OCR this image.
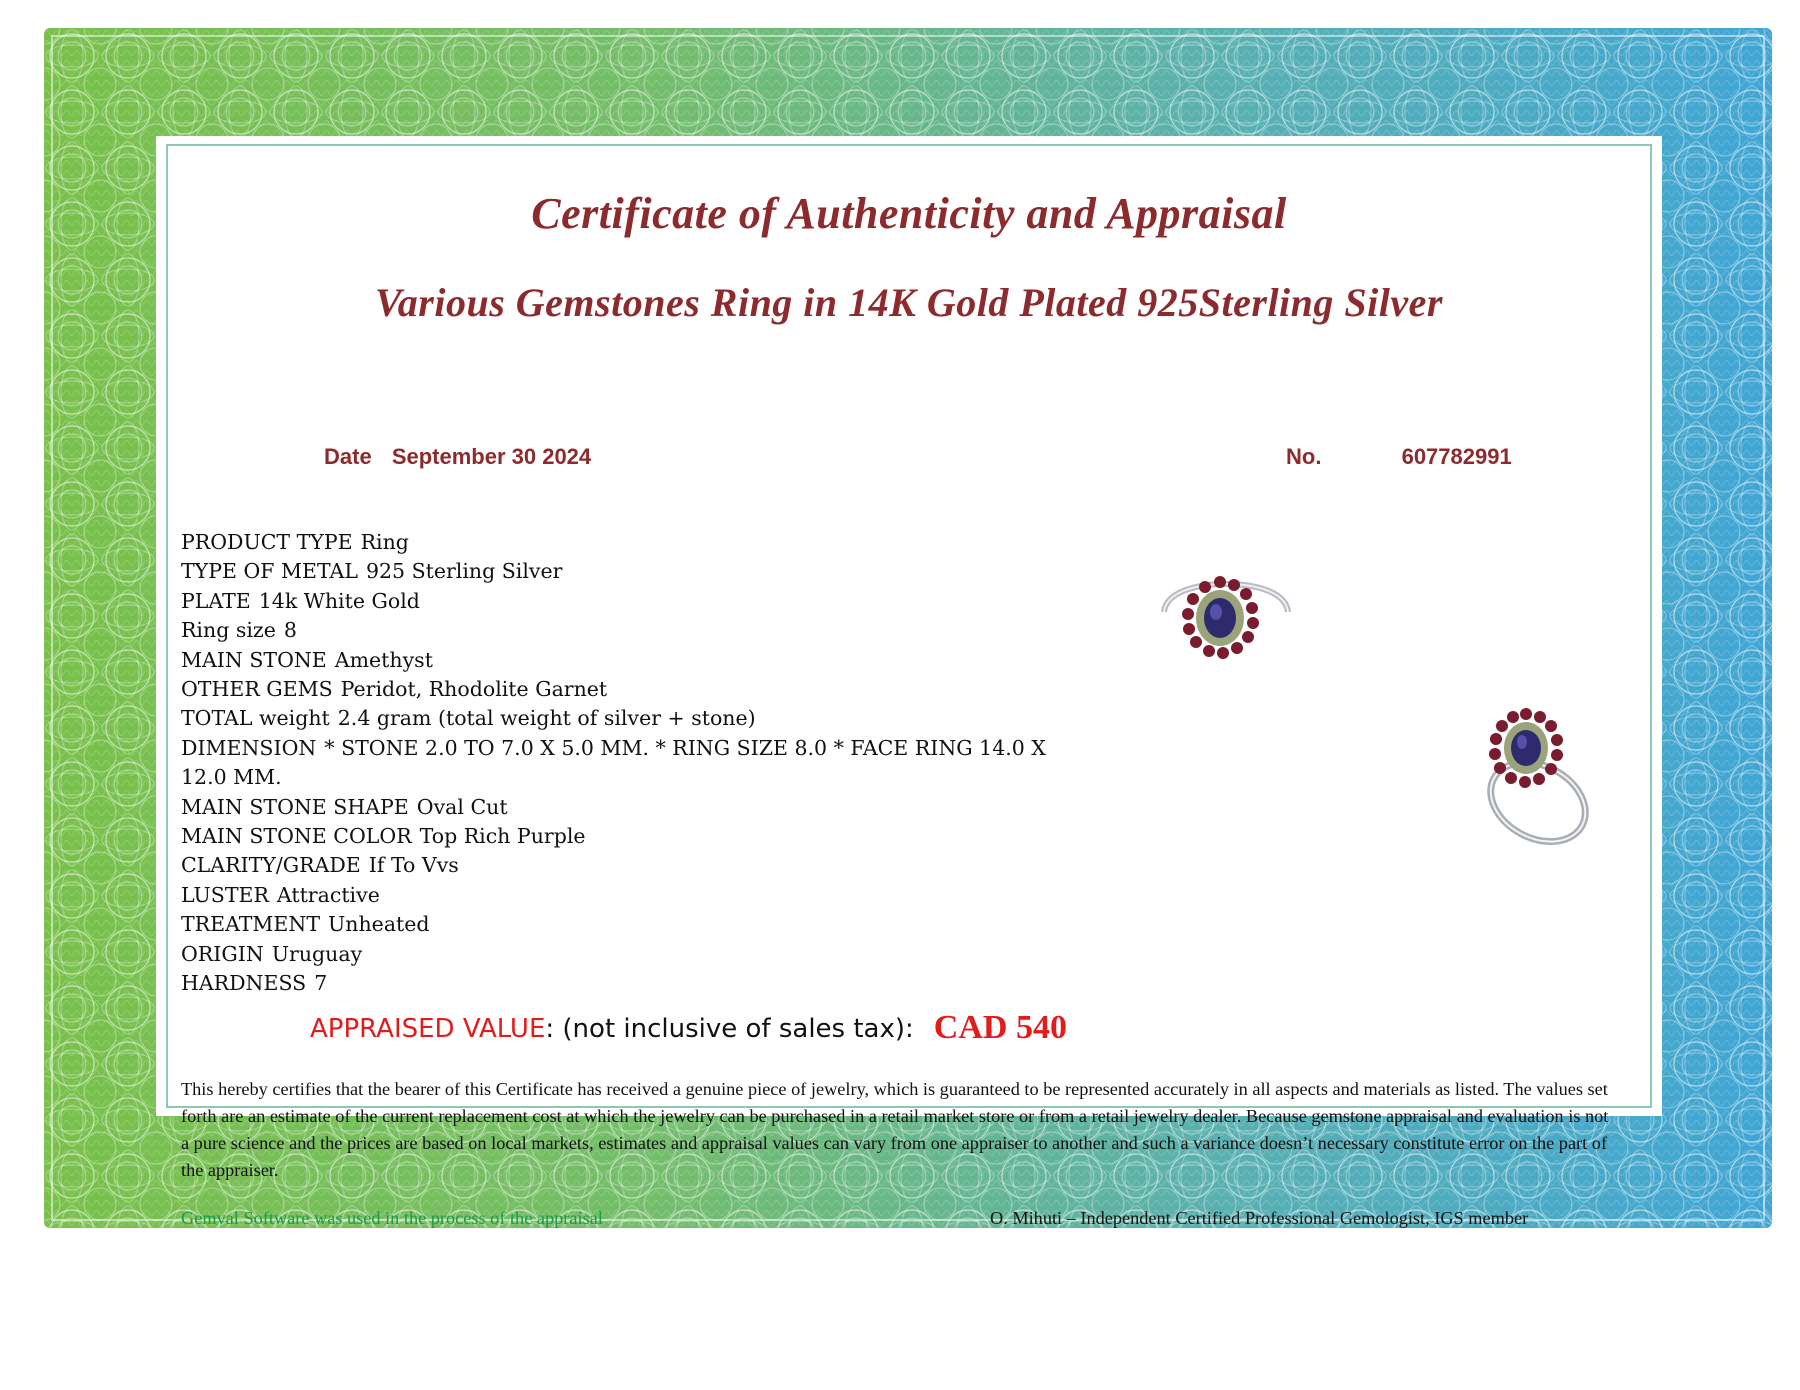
Certificate of Authenticity and Appraisal
Various Gemstones Ring in 14K Gold Plated 925Sterling Silver
Date September 30 2024	No.	607782991
PRODUCT TYPE Ring
TYPE OF METAL 925 Sterling Silver
PLATE 14k White Gold
Ring size 8
MAIN STONE Amethyst
OTHER GEMS Peridot, Rhodolite Garnet
TOTAL weight 2.4 gram (total weight of silver + stone)
DIMENSION * STONE 2.0 TO 7.0 X 5.0 MM. * RING SIZE 8.0 * FACE RING 14.0 X 12.0 MM.
MAIN STONE SHAPE Oval Cut
MAIN STONE COLOR Top Rich Purple
CLARITY/GRADE If To Vvs
LUSTER Attractive
TREATMENT Unheated
ORIGIN Uruguay
HARDNESS 7
APPRAISED VALUE: (not inclusive of sales tax): CAD 540
This hereby certifies that the bearer of this Certificate has received a genuine piece of jewelry, which is guaranteed to be represented accurately in all aspects and materials as listed. The values set forth are an estimate of the current replacement cost at which the jewelry can be purchased in a retail market store or from a retail jewelry dealer. Because gemstone appraisal and evaluation is not a pure science and the prices are based on local markets, estimates and appraisal values can vary from one appraiser to another and such a variance doesn’t necessary constitute error on the part of the appraiser.
Gemval Software was used in the process of the appraisal	O. Mihuti – Independent Certified Professional Gemologist, IGS member
